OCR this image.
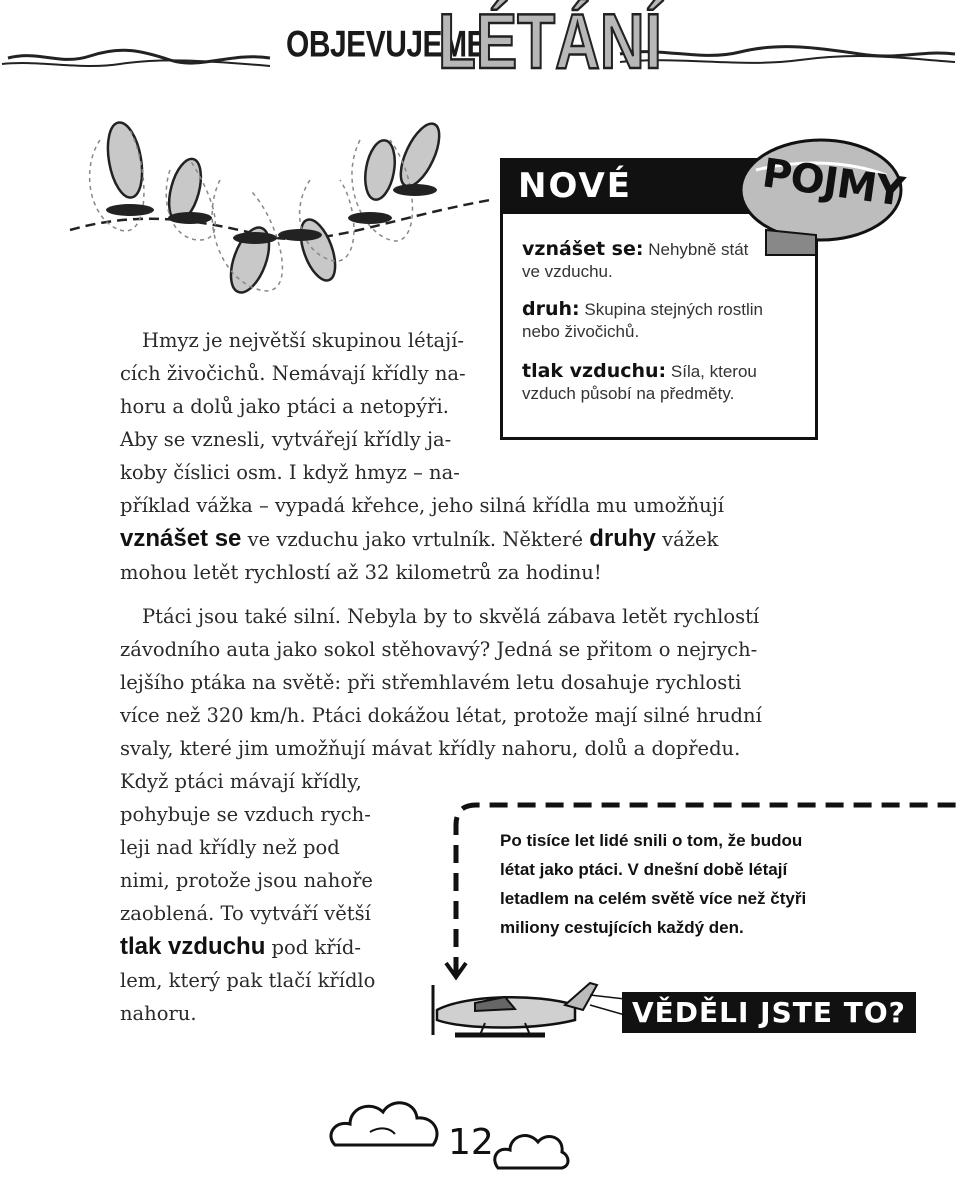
OBJEVUJEME
LÉTÁNÍ
NOVÉ	POJMY
vznášet se: Nehybně stát
ve vzduchu.
druh: Skupina stejných rostlin
nebo živočichů.
tlak vzduchu: Síla, kterou
vzduch působí na předměty.

Hmyz je největší skupinou létají-

cích živočichů. Nemávají křídly na-

horu a dolů jako ptáci a netopýři.

Aby se vznesli, vytvářejí křídly ja-

koby číslici osm. I když hmyz – na-

příklad vážka – vypadá křehce, jeho silná křídla mu umožňují

vznášet se ve vzduchu jako vrtulník. Některé druhy vážek

mohou letět rychlostí až 32 kilometrů za hodinu!

Ptáci jsou také silní. Nebyla by to skvělá zábava letět rychlostí

závodního auta jako sokol stěhovavý? Jedná se přitom o nejrych-

lejšího ptáka na světě: při střemhlavém letu dosahuje rychlosti

více než 320 km/h. Ptáci dokážou létat, protože mají silné hrudní

svaly, které jim umožňují mávat křídly nahoru, dolů a dopředu.

Když ptáci mávají křídly,

pohybuje se vzduch rych-

leji nad křídly než pod

nimi, protože jsou nahoře

zaoblená. To vytváří větší

tlak vzduchu pod kříd-

lem, který pak tlačí křídlo

nahoru.

Po tisíce let lidé snili o tom, že budou
létat jako ptáci. V dnešní době létají
letadlem na celém světě více než čtyři
miliony cestujících každý den.
VĚDĚLI JSTE TO?
12
